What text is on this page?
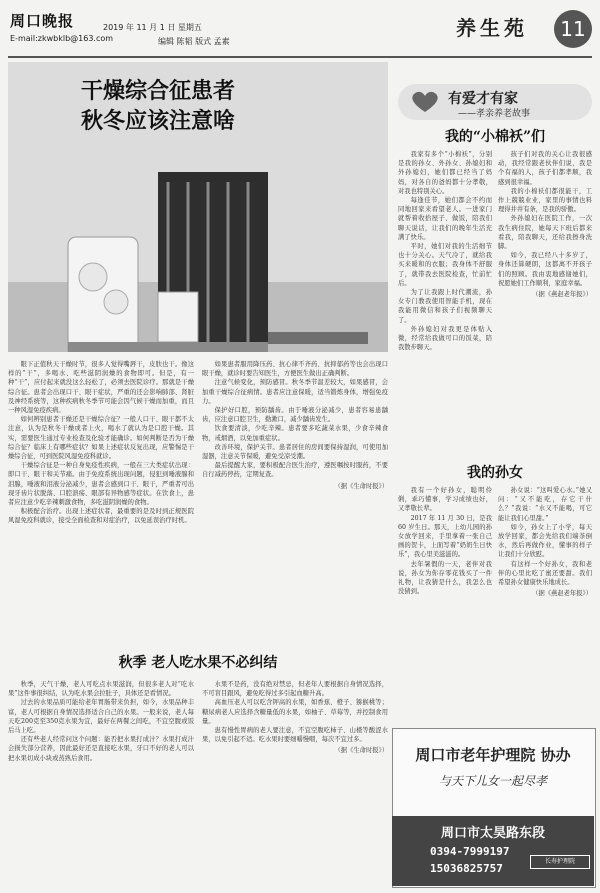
周口晚报
E-mail:zkwbklb@163.com
2019 年 11 月 1 日 星期五
编辑 陈韬 版式 孟素
养生苑	11
干燥综合征患者
秋冬应该注意啥

眼下正值秋天干燥时节，很多人觉得嘴唇干，皮肤也干。像这样的“干”，多喝水、吃些滋阴润燥的食物即可。但是，有一种“干”，应付起来就没这么轻松了，必须去医院诊疗。那就是干燥综合征。患者会出现口干、眼干症状，严重的还会影响肺部、肾脏及神经系统等，这种疾病秋冬季节可能会因气候干燥而加重，而且一种风湿免疫疾病。

如何辨别患者干燥还是干燥综合征？一般人口干、眼干都不太注意，认为是秋冬干燥或者上火，喝水了就认为是口腔干燥。其实，需要医生通过专业检查及化验才能确诊。如何判断是否为干燥综合征？临床上有哪些症状？如果上述症状反复出现，应警惕是干燥综合征，可到医院风湿免疫科就诊。

干燥综合征是一种自身免疫性疾病，一般在三大类症状出现：即口干、眼干和关节痛。由于免疫系统出现问题，侵犯到唾液腺和泪腺，唾液和泪液分泌减少，患者会感到口干、眼干，严重者可出现牙齿片状脱落、口腔溃疡、眼部有异物感等症状。在饮食上，患者应注意少吃辛辣刺激食物，多吃滋阴润燥的食物。

积极配合治疗。出现上述症状者，最重要的是及时到正规医院风湿免疫科就诊，接受全面检查和对症治疗，以免延误治疗时机。

如果患者服用降压药、抗心律不齐药、抗抑郁药等也会出现口眼干燥，就诊时要告知医生，方便医生做出正确判断。

注意气候变化，预防感冒。秋冬季节温差较大，如果感冒，会加重干燥综合征病情。患者应注意保暖，适当锻炼身体，增强免疫力。

保护好口腔，预防龋齿。由于唾液分泌减少，患者容易患龋齿，应注意口腔卫生，勤漱口，减少龋齿发生。

饮食要清淡，少吃辛辣。患者要多吃蔬菜水果，少食辛辣食物，戒烟酒，以免加重症状。

改善环境，保护关节。患者居住的房间要保持湿润，可使用加湿器，注意关节保暖，避免受凉受潮。

最后提醒大家，要积极配合医生治疗，遵医嘱按时服药，不要自行减药停药，定期复查。

（据《生命时报》）
秋季 老人吃水果不必纠结

秋季，天气干燥，老人可吃点水果滋润，但很多老人对“吃水果”这件事很纠结，认为吃水果会拉肚子，具体还是看情况。

过去的水果品质可能给老年胃肠带来负担，如今，水果品种丰富，老人可根据自身情况选择适合自己的水果。一般来说，老人每天吃200克至350克水果为宜，最好在两餐之间吃，不宜空腹或饭后马上吃。

还有些老人经常问这个问题：能否把水果打成汁？水果打成汁会损失部分营养，因此最好还是直接吃水果，牙口不好的老人可以把水果切成小块或蒸熟后食用。

水果不是药，没有绝对禁忌，但老年人要根据自身情况选择，不可盲目跟风，避免吃得过多引起血糖升高。

高血压老人可以吃含钾高的水果，如香蕉、橙子、猕猴桃等；糖尿病老人应选择含糖量低的水果，如柚子、草莓等，并控制食用量。

患有慢性胃病的老人要注意，不宜空腹吃柿子、山楂等酸涩水果，以免引起不适。吃水果时要细嚼慢咽，每次不宜过多。

（据《生命时报》）
有爱才有家
——孝亲养老故事
我的“小棉袄”们

我家有多个“小棉袄”，分别是我的孙女、外孙女、孙媳妇和外孙媳妇，她们都已经当了妈妈，对各自的爸妈都十分孝敬，对我也特别关心。

每逢佳节，她们都会不约而同地回家来看望老人。一进家门就帮着收拾屋子、做饭，陪我们聊天说话，让我们的晚年生活充满了快乐。

平时，她们对我的生活细节也十分关心。天气冷了，就给我买来暖和的衣服；我身体不舒服了，就带我去医院检查，忙前忙后。

为了让我跟上时代潮流，孙女专门教我使用智能手机，现在我能用微信和孩子们视频聊天了。

外孙媳妇对我更是体贴入微，经常给我做可口的饭菜，陪我散步聊天。

孩子们对我的关心让我很感动，我经常跟老伙伴们说，我是个有福的人，孩子们都孝顺，我感到很幸福。

我的小棉袄们都很能干，工作上兢兢业业，家里的事情也料理得井井有条，是我的骄傲。

外孙媳妇在医院工作，一次我生病住院，她每天下班后都来看我，陪我聊天，还给我擦身洗脚。

如今，我已经八十多岁了，身体还算硬朗，这都离不开孩子们的照顾。我由衷地感谢她们，祝愿她们工作顺利，家庭幸福。

（据《燕赵老年报》）
我的孙女

我有一个好孙女，聪明伶俐，乖巧懂事，学习成绩也好，又孝敬长辈。

2017 年 11 月 30 日，是我 60 岁生日。那天，上幼儿园的孙女放学回来，手里拿着一张自己画的贺卡，上面写着“奶奶生日快乐”，我心里美滋滋的。

去年暑假的一天，老伴对我说，孙女为你存零花钱买了一件礼物，让我猜是什么，我怎么也没猜到。

孙女说：“这叫爱心水。”她又问：“又不能吃，存它干什么？”我说：“水又不能喝，可它能让我们心里甜。”

如今，孙女上了小学，每天放学回家，都会先给我们端茶倒水，然后再做作业，懂事的样子让我们十分欣慰。

有这样一个好孙女，我和老伴的心里比吃了蜜还要甜。我们希望孙女健康快乐地成长。

（据《燕赵老年报》）
周口市老年护理院 协办
与天下儿女一起尽孝
周口市太昊路东段
0394-7999197
15036825757
长寿护理院
